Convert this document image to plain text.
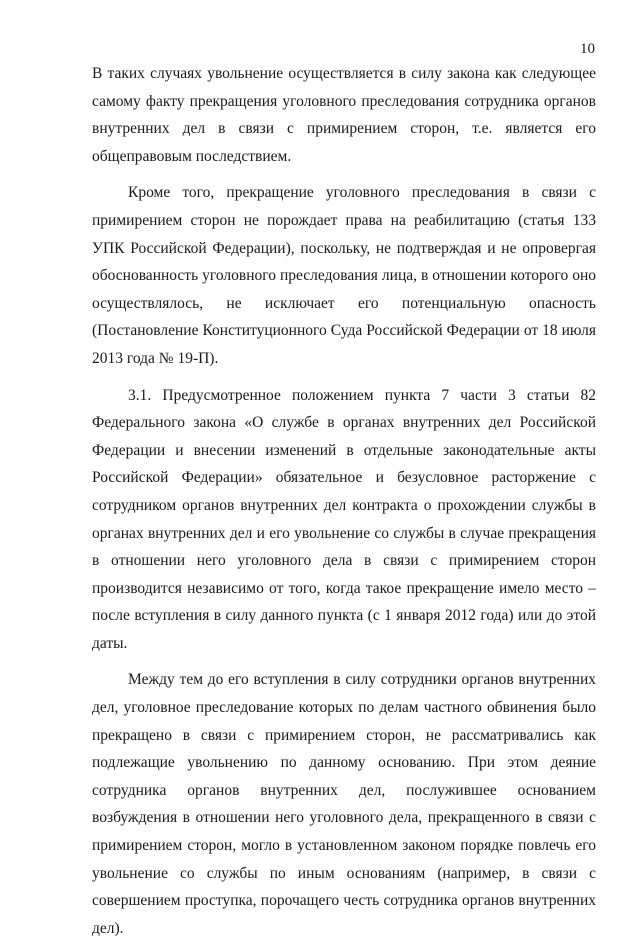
10

В таких случаях увольнение осуществляется в силу закона как следующее самому факту прекращения уголовного преследования сотрудника органов внутренних дел в связи с примирением сторон, т.е. является его общеправовым последствием.

Кроме того, прекращение уголовного преследования в связи с примирением сторон не порождает права на реабилитацию (статья 133 УПК Российской Федерации), поскольку, не подтверждая и не опровергая обоснованность уголовного преследования лица, в отношении которого оно осуществлялось, не исключает его потенциальную опасность (Постановление Конституционного Суда Российской Федерации от 18 июля 2013 года № 19-П).

3.1. Предусмотренное положением пункта 7 части 3 статьи 82 Федерального закона «О службе в органах внутренних дел Российской Федерации и внесении изменений в отдельные законодательные акты Российской Федерации» обязательное и безусловное расторжение с сотрудником органов внутренних дел контракта о прохождении службы в органах внутренних дел и его увольнение со службы в случае прекращения в отношении него уголовного дела в связи с примирением сторон производится независимо от того, когда такое прекращение имело место – после вступления в силу данного пункта (с 1 января 2012 года) или до этой даты.

Между тем до его вступления в силу сотрудники органов внутренних дел, уголовное преследование которых по делам частного обвинения было прекращено в связи с примирением сторон, не рассматривались как подлежащие увольнению по данному основанию. При этом деяние сотрудника органов внутренних дел, послужившее основанием возбуждения в отношении него уголовного дела, прекращенного в связи с примирением сторон, могло в установленном законом порядке повлечь его увольнение со службы по иным основаниям (например, в связи с совершением проступка, порочащего честь сотрудника органов внутренних дел).
